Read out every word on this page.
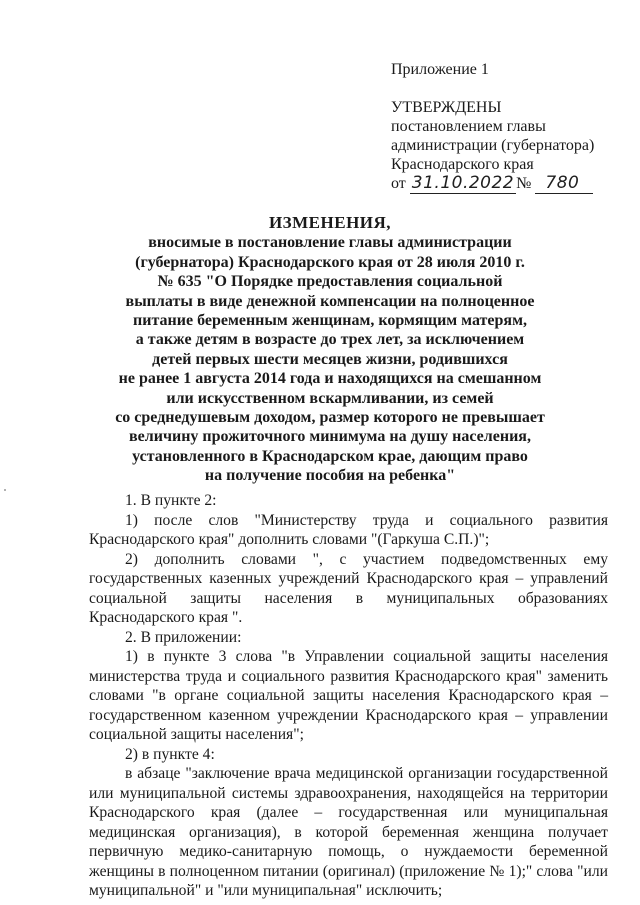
Приложение 1
УТВЕРЖДЕНЫ
постановлением главы
администрации (губернатора)
Краснодарского края
от 31.10.2022 № 780
ИЗМЕНЕНИЯ,
вносимые в постановление главы администрации
(губернатора) Краснодарского края от 28 июля 2010 г.
№ 635 "О Порядке предоставления социальной
выплаты в виде денежной компенсации на полноценное
питание беременным женщинам, кормящим матерям,
а также детям в возрасте до трех лет, за исключением
детей первых шести месяцев жизни, родившихся
не ранее 1 августа 2014 года и находящихся на смешанном
или искусственном вскармливании, из семей
со среднедушевым доходом, размер которого не превышает
величину прожиточного минимума на душу населения,
установленного в Краснодарском крае, дающим право
на получение пособия на ребенка"

1. В пункте 2:

1) после слов "Министерству труда и социального развития Краснодарского края" дополнить словами "(Гаркуша С.П.)";

2) дополнить словами ", с участием подведомственных ему государственных казенных учреждений Краснодарского края – управлений социальной защиты населения в муниципальных образованиях Краснодарского края ".

2. В приложении:

1) в пункте 3 слова "в Управлении социальной защиты населения министерства труда и социального развития Краснодарского края" заменить словами "в органе социальной защиты населения Краснодарского края – государственном казенном учреждении Краснодарского края – управлении социальной защиты населения";

2) в пункте 4:

в абзаце "заключение врача медицинской организации государственной или муниципальной системы здравоохранения, находящейся на территории Краснодарского края (далее – государственная или муниципальная медицинская организация), в которой беременная женщина получает первичную медико-санитарную помощь, о нуждаемости беременной женщины в полноценном питании (оригинал) (приложение № 1);" слова "или муниципальной" и "или муниципальная" исключить;
